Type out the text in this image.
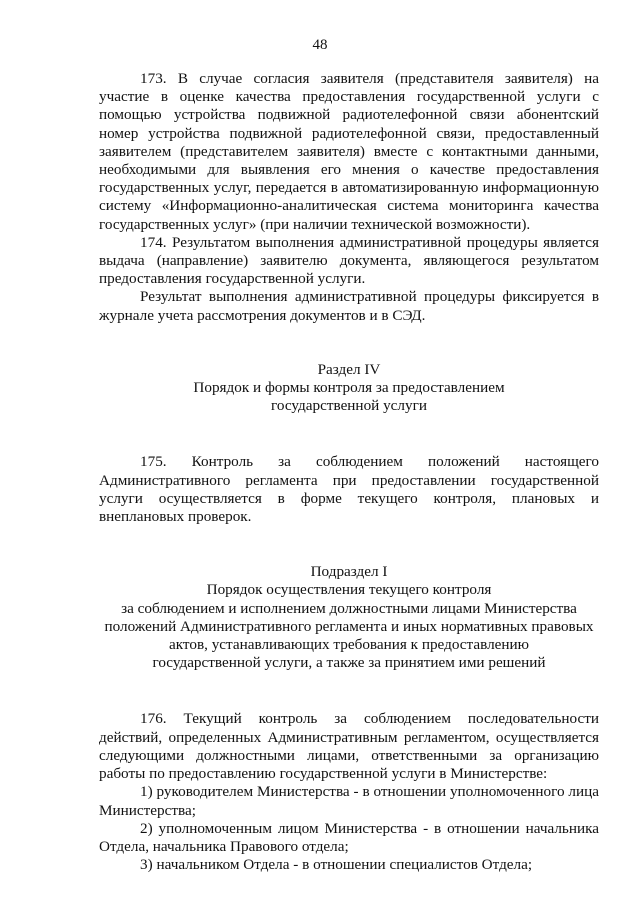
48

173. В случае согласия заявителя (представителя заявителя) на участие в оценке качества предоставления государственной услуги с помощью устройства подвижной радиотелефонной связи абонентский номер устройства подвижной радиотелефонной связи, предоставленный заявителем (представителем заявителя) вместе с контактными данными, необходимыми для выявления его мнения о качестве предоставления государственных услуг, передается в автоматизированную информационную систему «Информационно-аналитическая система мониторинга качества государственных услуг» (при наличии технической возможности).

174. Результатом выполнения административной процедуры является выдача (направление) заявителю документа, являющегося результатом предоставления государственной услуги.

Результат выполнения административной процедуры фиксируется в журнале учета рассмотрения документов и в СЭД.

Раздел IV
Порядок и формы контроля за предоставлением
государственной услуги

175. Контроль за соблюдением положений настоящего Административного регламента при предоставлении государственной услуги осуществляется в форме текущего контроля, плановых и внеплановых проверок.

Подраздел I
Порядок осуществления текущего контроля
за соблюдением и исполнением должностными лицами Министерства
положений Административного регламента и иных нормативных правовых
актов, устанавливающих требования к предоставлению
государственной услуги, а также за принятием ими решений

176. Текущий контроль за соблюдением последовательности действий, определенных Административным регламентом, осуществляется следующими должностными лицами, ответственными за организацию работы по предоставлению государственной услуги в Министерстве:

1) руководителем Министерства - в отношении уполномоченного лица Министерства;

2) уполномоченным лицом Министерства - в отношении начальника Отдела, начальника Правового отдела;

3) начальником Отдела - в отношении специалистов Отдела;
